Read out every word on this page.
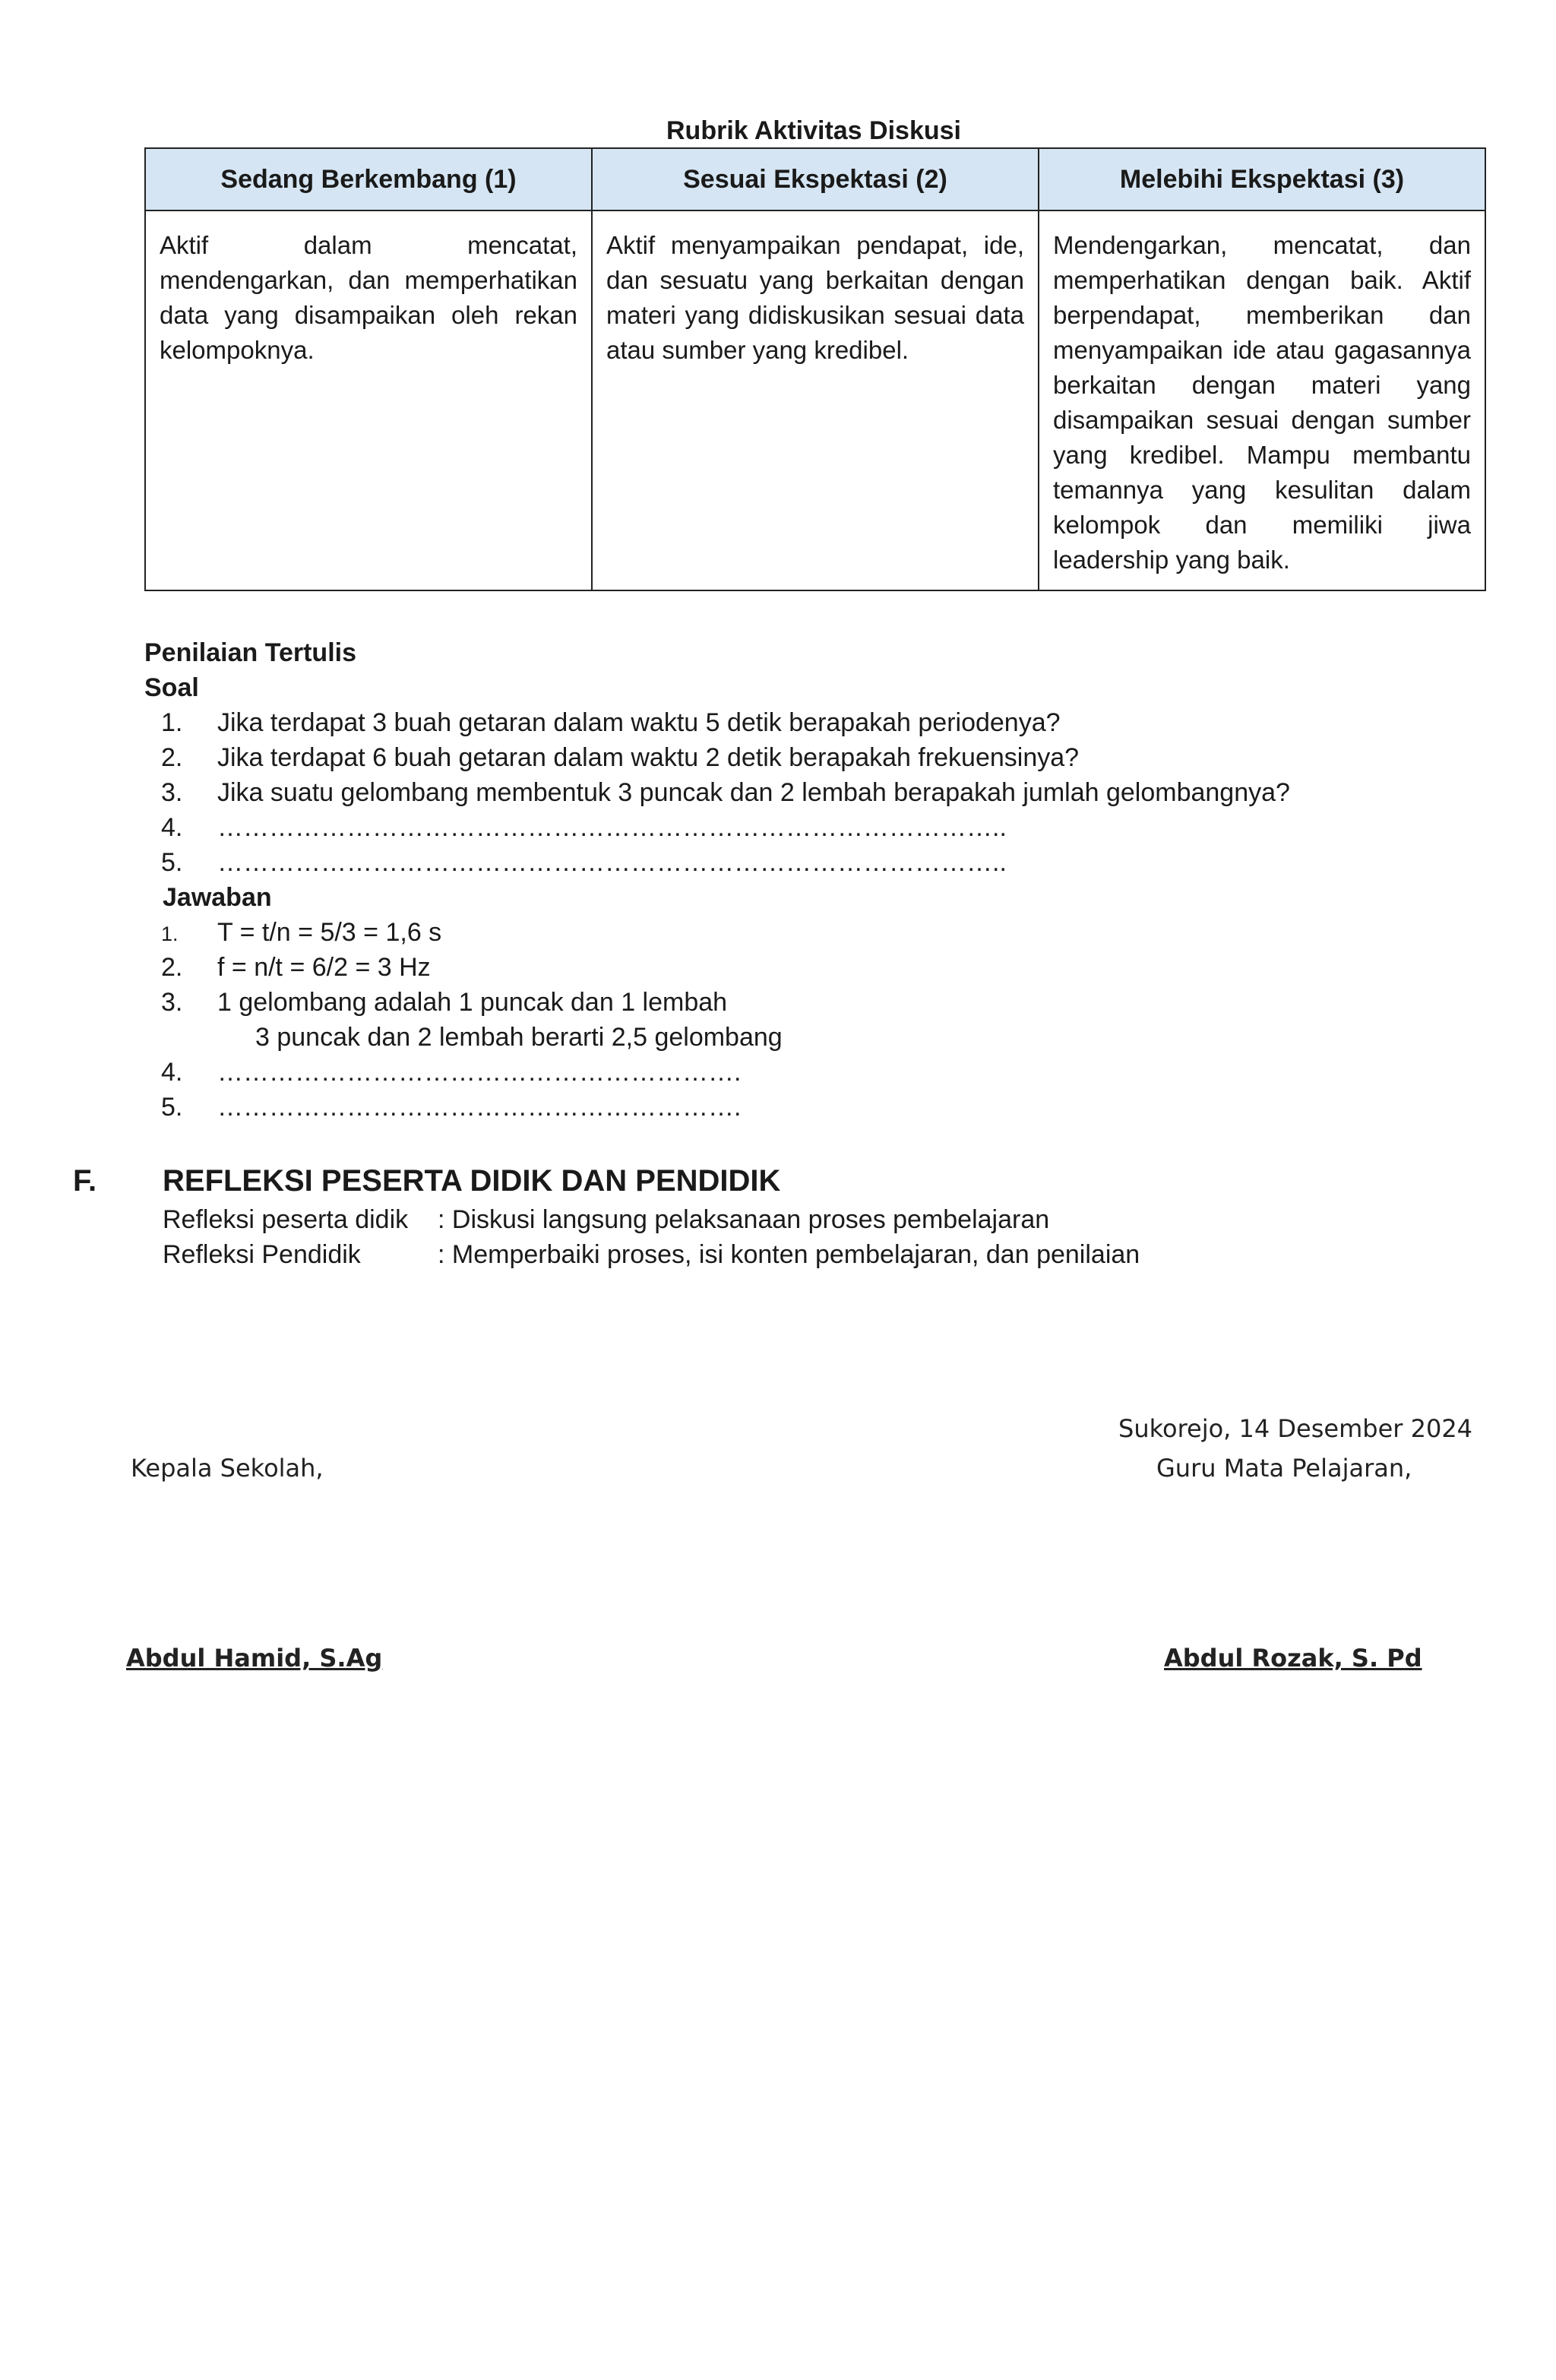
Rubrik Aktivitas Diskusi
Sedang Berkembang (1)	Sesuai Ekspektasi (2)	Melebihi Ekspektasi (3)
Aktif dalam mencatat, mendengarkan, dan memperhatikan data yang disampaikan oleh rekan kelompoknya.	Aktif menyampaikan pendapat, ide, dan sesuatu yang berkaitan dengan materi yang didiskusikan sesuai data atau sumber yang kredibel.	Mendengarkan, mencatat, dan memperhatikan dengan baik. Aktif berpendapat, memberikan dan menyampaikan ide atau gagasannya berkaitan dengan materi yang disampaikan sesuai dengan sumber yang kredibel. Mampu membantu temannya yang kesulitan dalam kelompok dan memiliki jiwa leadership yang baik.
Penilaian Tertulis
Soal
1. Jika terdapat 3 buah getaran dalam waktu 5 detik berapakah periodenya?
2. Jika terdapat 6 buah getaran dalam waktu 2 detik berapakah frekuensinya?
3. Jika suatu gelombang membentuk 3 puncak dan 2 lembah berapakah jumlah gelombangnya?
4. ………………………………………………………………………………..
5. ………………………………………………………………………………..
Jawaban
1. T = t/n = 5/3 = 1,6 s
2. f = n/t = 6/2 = 3 Hz
3. 1 gelombang adalah 1 puncak dan 1 lembah
3 puncak dan 2 lembah berarti 2,5 gelombang
4. …………………………………………………….
5. …………………………………………………….
F. REFLEKSI PESERTA DIDIK DAN PENDIDIK
Refleksi peserta didik : Diskusi langsung pelaksanaan proses pembelajaran
Refleksi Pendidik	: Memperbaiki proses, isi konten pembelajaran, dan penilaian
Sukorejo, 14 Desember 2024
Kepala Sekolah,	Guru Mata Pelajaran,
Abdul Hamid, S.Ag	Abdul Rozak, S. Pd
